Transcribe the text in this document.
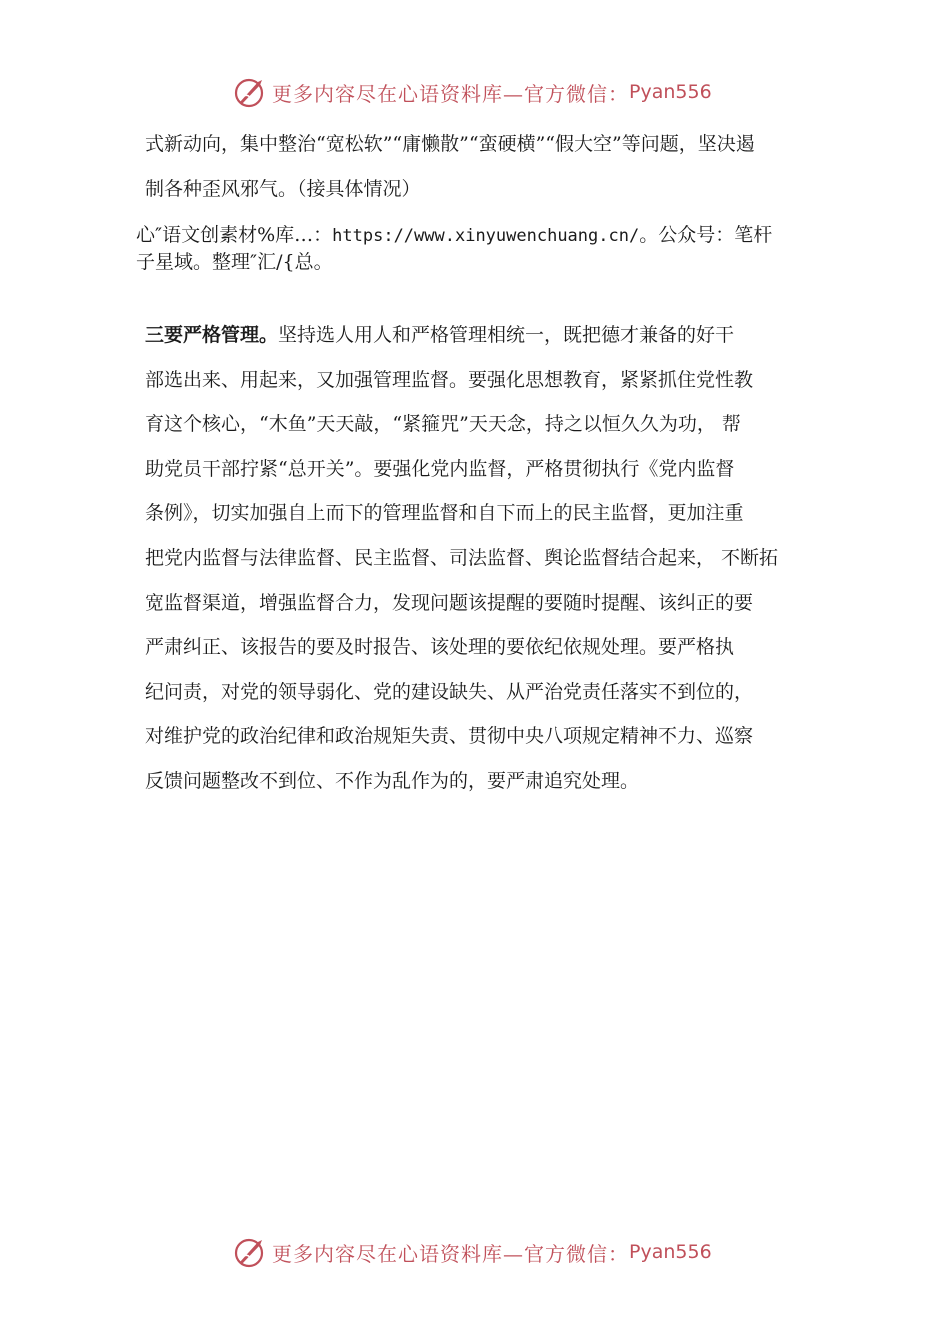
更多内容尽在心语资料库—官方微信： Pyan556
式新动向，集中整治“宽松软”“庸懒散”“蛮硬横”“假大空”等问题，坚决遏
制各种歪风邪气。（接具体情况）
心″语文创素材%库…：https://www.xinyuwenchuang.cn/。公众号：笔杆
子星域。整理″汇/{总。
三要严格管理。坚持选人用人和严格管理相统一，既把德才兼备的好干
部选出来、用起来，又加强管理监督。要强化思想教育，紧紧抓住党性教
育这个核心，“木鱼”天天敲，“紧箍咒”天天念，持之以恒久久为功， 帮
助党员干部拧紧“总开关”。要强化党内监督，严格贯彻执行《党内监督
条例》，切实加强自上而下的管理监督和自下而上的民主监督，更加注重
把党内监督与法律监督、民主监督、司法监督、舆论监督结合起来， 不断拓
宽监督渠道，增强监督合力，发现问题该提醒的要随时提醒、该纠正的要
严肃纠正、该报告的要及时报告、该处理的要依纪依规处理。要严格执
纪问责，对党的领导弱化、党的建设缺失、从严治党责任落实不到位的，
对维护党的政治纪律和政治规矩失责、贯彻中央八项规定精神不力、巡察
反馈问题整改不到位、不作为乱作为的，要严肃追究处理。
更多内容尽在心语资料库—官方微信： Pyan556
